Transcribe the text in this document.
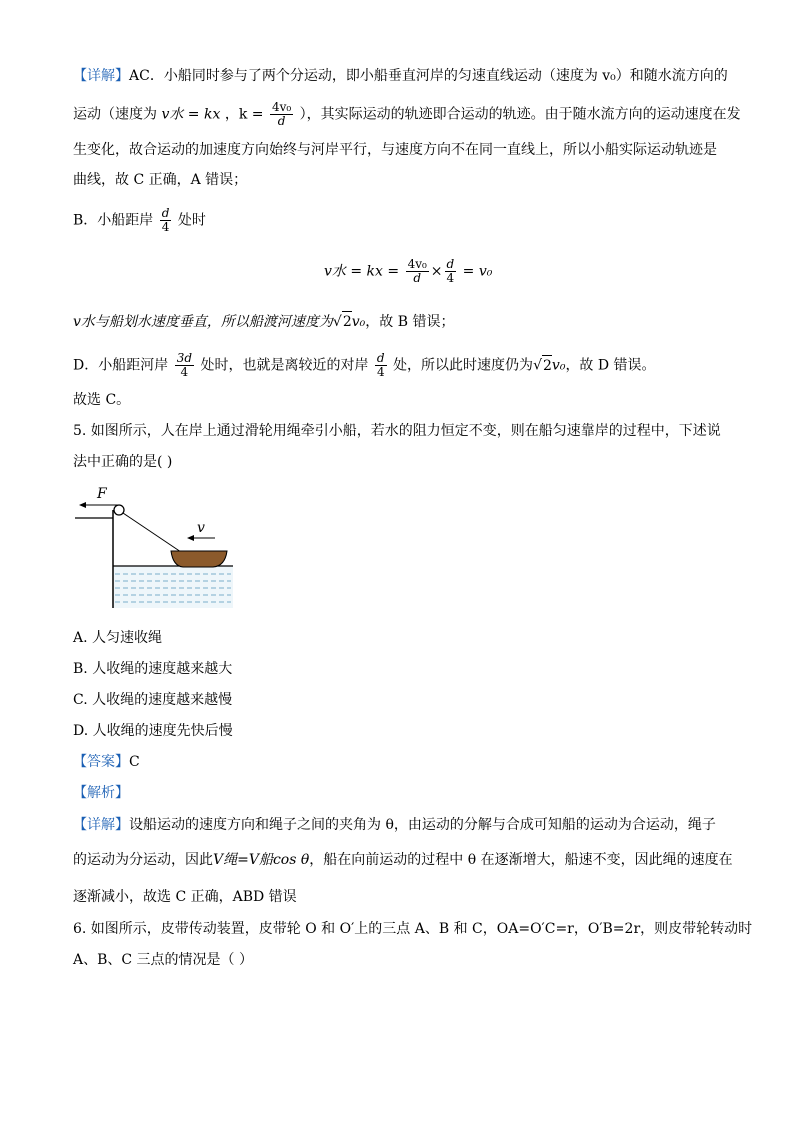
【详解】AC．小船同时参与了两个分运动，即小船垂直河岸的匀速直线运动（速度为 v₀）和随水流方向的
运动（速度为 v水 = kx ，$k = \frac{\text{4v₀}}{d}$ ），其实际运动的轨迹即合运动的轨迹。由于随水流方向的运动速度在发
生变化，故合运动的加速度方向始终与河岸平行，与速度方向不在同一直线上，所以小船实际运动轨迹是
曲线，故 C 正确，A 错误；
B．小船距岸 $\frac{d}{4}$ 处时
v水 = kx = $\frac{\text{4v₀}}{d} \times \frac{d}{4} = v_0$
v水与船划水速度垂直，所以船渡河速度为√2v₀，故 B 错误；
D．小船距河岸 $\frac{3d}{4}$ 处时，也就是离较近的对岸 $\frac{d}{4}$ 处，所以此时速度仍为√2v₀，故 D 错误。
故选 C。
5. 如图所示，人在岸上通过滑轮用绳牵引小船，若水的阻力恒定不变，则在船匀速靠岸的过程中，下述说
法中正确的是( )
F
v
A. 人匀速收绳
B. 人收绳的速度越来越大
C. 人收绳的速度越来越慢
D. 人收绳的速度先快后慢
【答案】C
【解析】
【详解】设船运动的速度方向和绳子之间的夹角为 θ，由运动的分解与合成可知船的运动为合运动，绳子
的运动为分运动，因此V绳=V船cos θ，船在向前运动的过程中 θ 在逐渐增大，船速不变，因此绳的速度在
逐渐减小，故选 C 正确，ABD 错误
6. 如图所示，皮带传动装置，皮带轮 O 和 O′上的三点 A、B 和 C，OA=O′C=r，O′B=2r，则皮带轮转动时
A、B、C 三点的情况是（ ）
